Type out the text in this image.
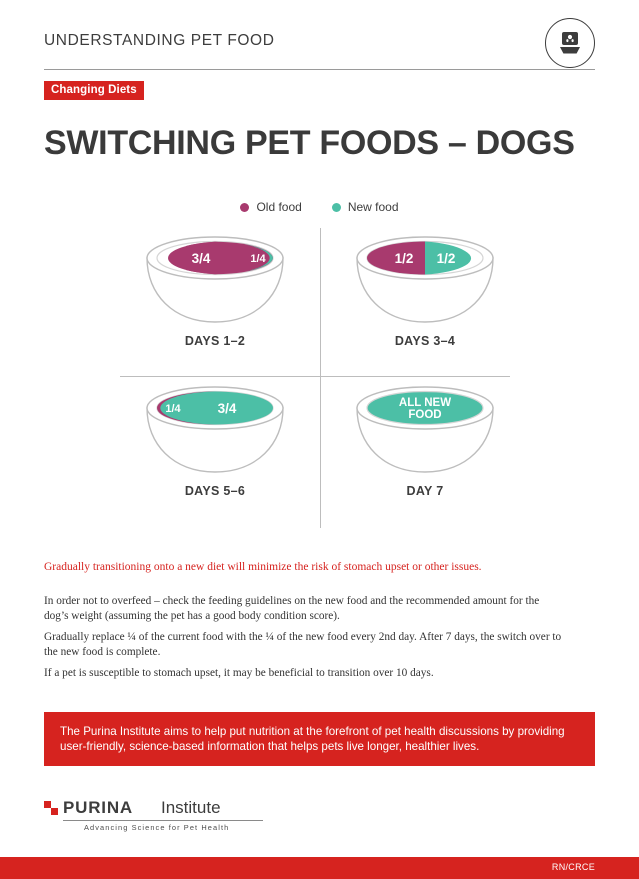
UNDERSTANDING PET FOOD
Changing Diets
SWITCHING PET FOODS – DOGS
Old food	New food
3/4	1/4
DAYS 1–2
1/2 1/2
DAYS 3–4
1/4	3/4
DAYS 5–6
ALL NEW
FOOD
DAY 7
Gradually transitioning onto a new diet will minimize the risk of stomach upset or other issues.
In order not to overfeed – check the feeding guidelines on the new food and the recommended amount for the dog’s weight (assuming the pet has a good body condition score).
Gradually replace ¼ of the current food with the ¼ of the new food every 2nd day. After 7 days, the switch over to the new food is complete.
If a pet is susceptible to stomach upset, it may be beneficial to transition over 10 days.
The Purina Institute aims to help put nutrition at the forefront of pet health discussions by providing user-friendly, science-based information that helps pets live longer, healthier lives.
PURINA Institute
Advancing Science for Pet Health
RN/CRCE
